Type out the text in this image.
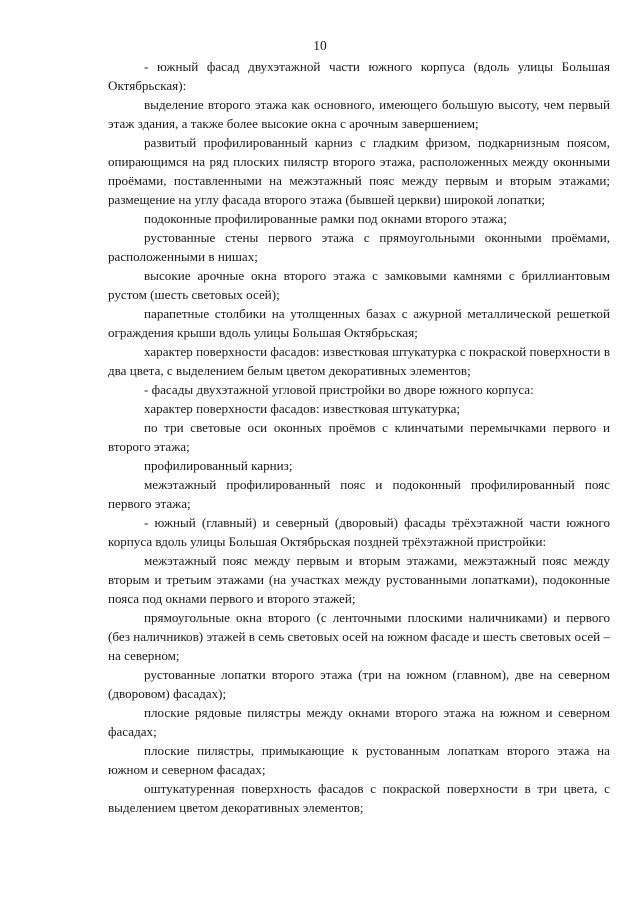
10

- южный фасад двухэтажной части южного корпуса (вдоль улицы Большая Октябрьская):

выделение второго этажа как основного, имеющего большую высоту, чем первый этаж здания, а также более высокие окна с арочным завершением;

развитый профилированный карниз с гладким фризом, подкарнизным поясом, опирающимся на ряд плоских пилястр второго этажа, расположенных между оконными проёмами, поставленными на межэтажный пояс между первым и вторым этажами; размещение на углу фасада второго этажа (бывшей церкви) широкой лопатки;

подоконные профилированные рамки под окнами второго этажа;

рустованные стены первого этажа с прямоугольными оконными проёмами, расположенными в нишах;

высокие арочные окна второго этажа с замковыми камнями с бриллиантовым рустом (шесть световых осей);

парапетные столбики на утолщенных базах с ажурной металлической решеткой ограждения крыши вдоль улицы Большая Октябрьская;

характер поверхности фасадов: известковая штукатурка с покраской поверхности в два цвета, с выделением белым цветом декоративных элементов;

- фасады двухэтажной угловой пристройки во дворе южного корпуса:

характер поверхности фасадов: известковая штукатурка;

по три световые оси оконных проёмов с клинчатыми перемычками первого и второго этажа;

профилированный карниз;

межэтажный профилированный пояс и подоконный профилированный пояс первого этажа;

- южный (главный) и северный (дворовый) фасады трёхэтажной части южного корпуса вдоль улицы Большая Октябрьская поздней трёхэтажной пристройки:

межэтажный пояс между первым и вторым этажами, межэтажный пояс между вторым и третьим этажами (на участках между рустованными лопатками), подоконные пояса под окнами первого и второго этажей;

прямоугольные окна второго (с ленточными плоскими наличниками) и первого (без наличников) этажей в семь световых осей на южном фасаде и шесть световых осей – на северном;

рустованные лопатки второго этажа (три на южном (главном), две на северном (дворовом) фасадах);

плоские рядовые пилястры между окнами второго этажа на южном и северном фасадах;

плоские пилястры, примыкающие к рустованным лопаткам второго этажа на южном и северном фасадах;

оштукатуренная поверхность фасадов с покраской поверхности в три цвета, с выделением цветом декоративных элементов;
